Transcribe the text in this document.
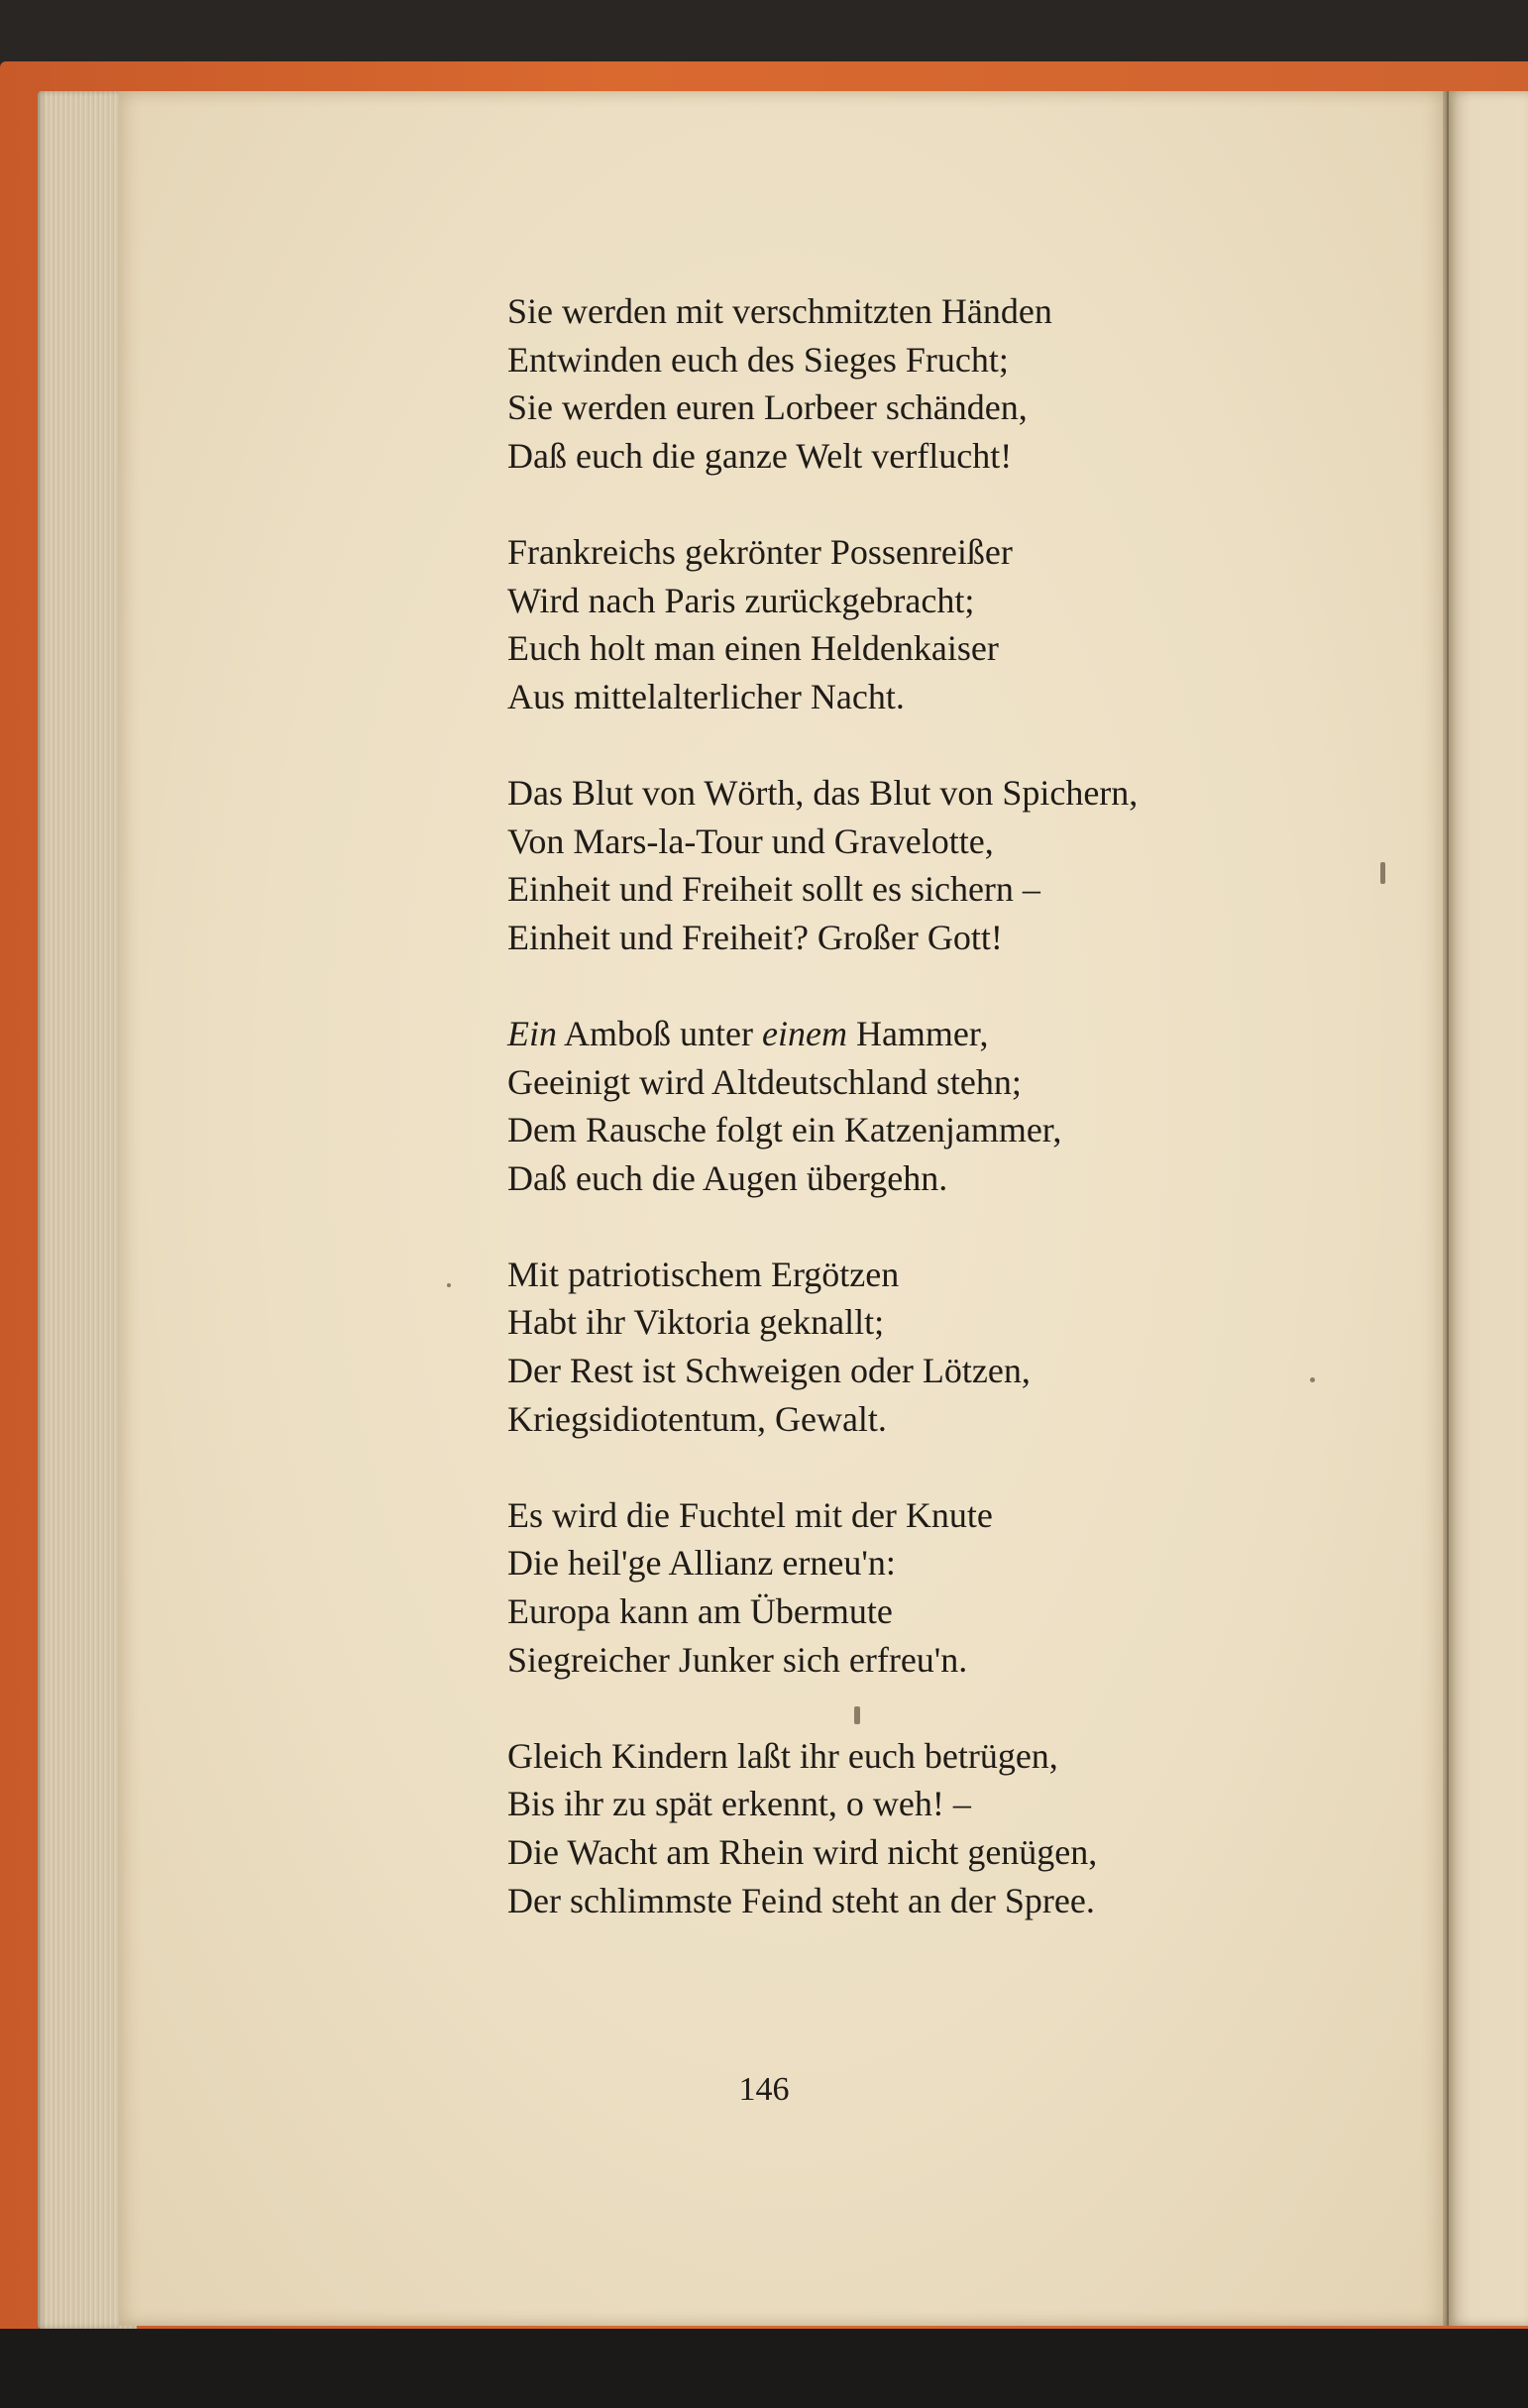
Sie werden mit verschmitzten Händen
Entwinden euch des Sieges Frucht;
Sie werden euren Lorbeer schänden,
Daß euch die ganze Welt verflucht!
Frankreichs gekrönter Possenreißer
Wird nach Paris zurückgebracht;
Euch holt man einen Heldenkaiser
Aus mittelalterlicher Nacht.
Das Blut von Wörth, das Blut von Spichern,
Von Mars-la-Tour und Gravelotte,
Einheit und Freiheit sollt es sichern –
Einheit und Freiheit? Großer Gott!
Ein Amboß unter einem Hammer,
Geeinigt wird Altdeutschland stehn;
Dem Rausche folgt ein Katzenjammer,
Daß euch die Augen übergehn.
Mit patriotischem Ergötzen
Habt ihr Viktoria geknallt;
Der Rest ist Schweigen oder Lötzen,
Kriegsidiotentum, Gewalt.
Es wird die Fuchtel mit der Knute
Die heil'ge Allianz erneu'n:
Europa kann am Übermute
Siegreicher Junker sich erfreu'n.
Gleich Kindern laßt ihr euch betrügen,
Bis ihr zu spät erkennt, o weh! –
Die Wacht am Rhein wird nicht genügen,
Der schlimmste Feind steht an der Spree.
146
